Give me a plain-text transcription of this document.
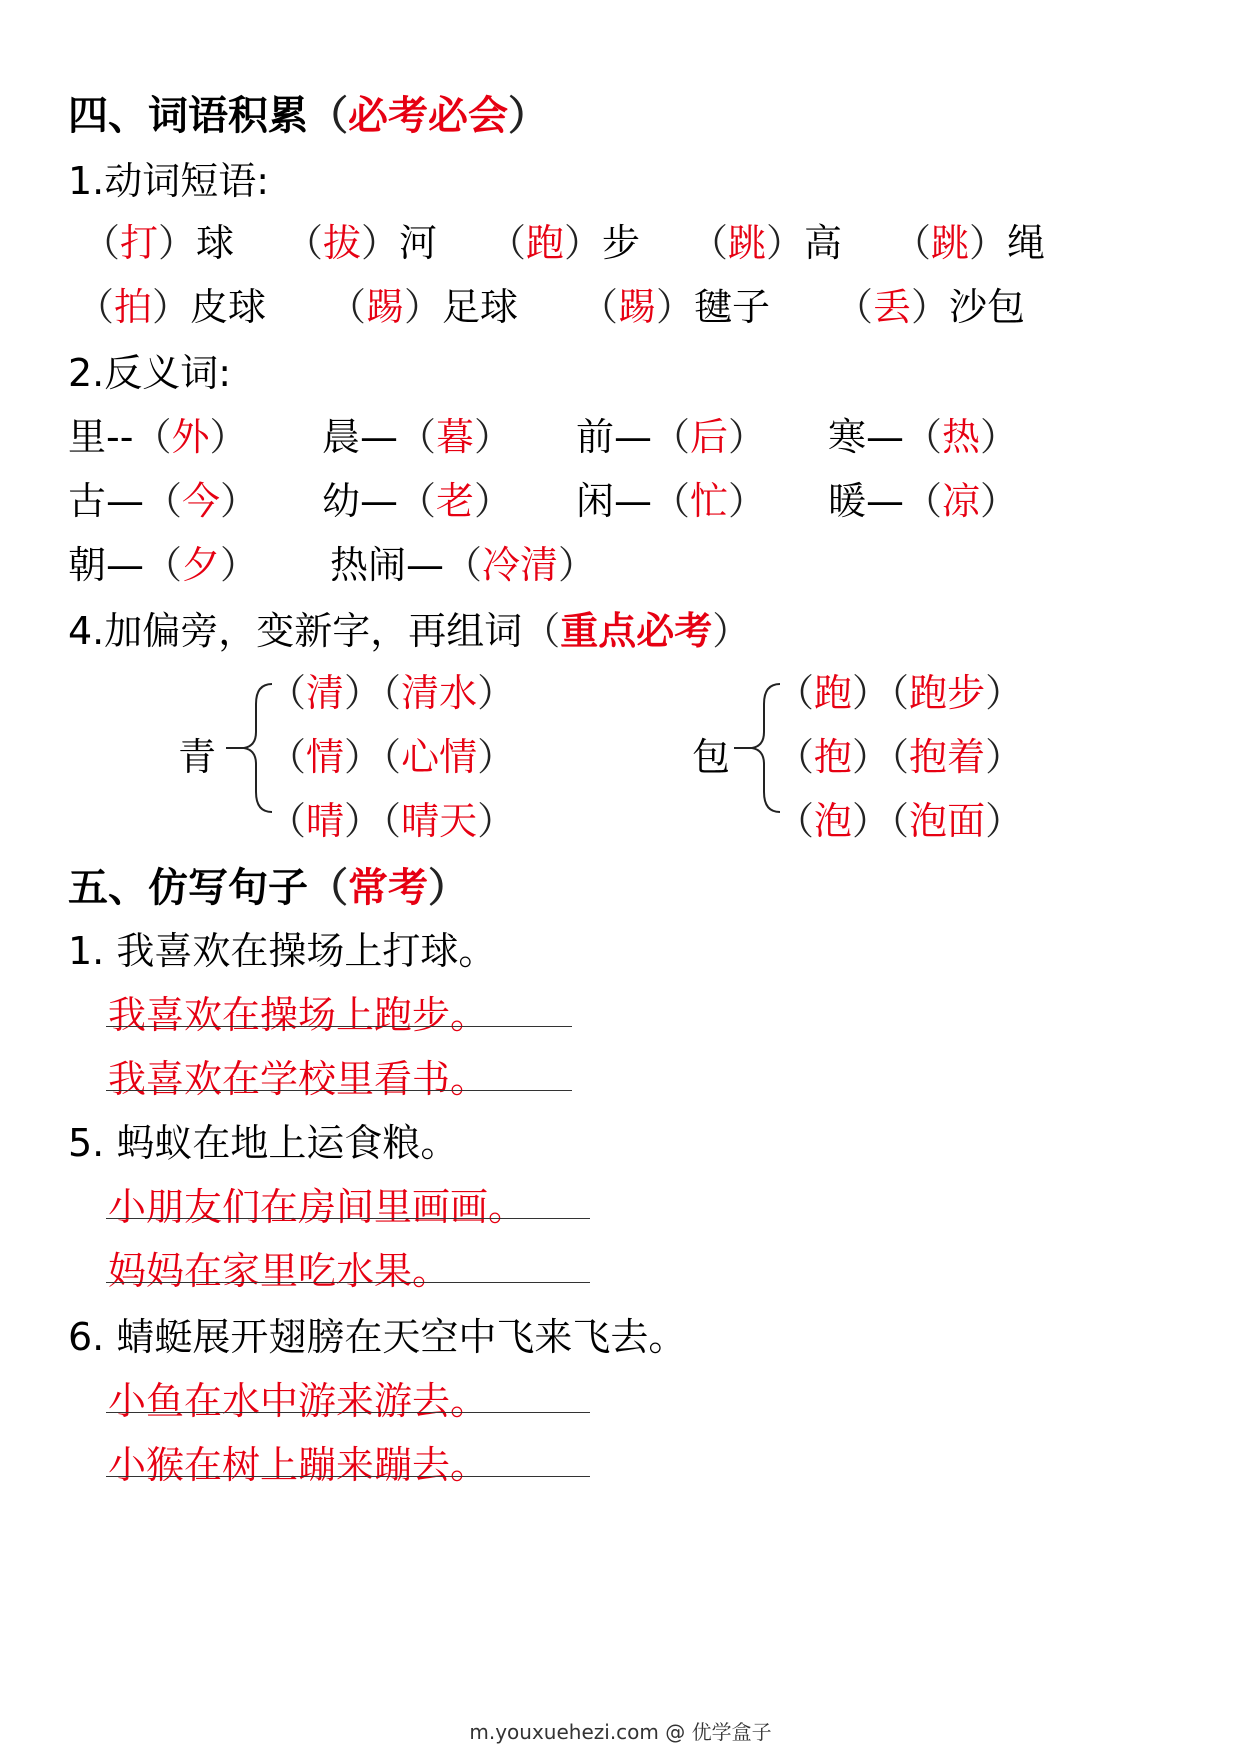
四、词语积累（必考必会）
1.动词短语:
（打）球 （拔）河 （跑）步 （跳）高 （跳）绳
（拍）皮球 （踢）足球 （踢）毽子 （丢）沙包
2.反义词:
里--（外） 晨—（暮） 前—（后） 寒—（热）
古—（今） 幼—（老） 闲—（忙） 暖—（凉）
朝—（夕） 热闹—（冷清）
4.加偏旁，变新字，再组词（重点必考）
青
（清）（清水）
（情）（心情）
（晴）（晴天）
包
（跑）（跑步）
（抱）（抱着）
（泡）（泡面）
五、仿写句子（常考）
1. 我喜欢在操场上打球。
我喜欢在操场上跑步。
我喜欢在学校里看书。
5. 蚂蚁在地上运食粮。
小朋友们在房间里画画。
妈妈在家里吃水果。
6. 蜻蜓展开翅膀在天空中飞来飞去。
小鱼在水中游来游去。
小猴在树上蹦来蹦去。
m.youxuehezi.com @ 优学盒子
